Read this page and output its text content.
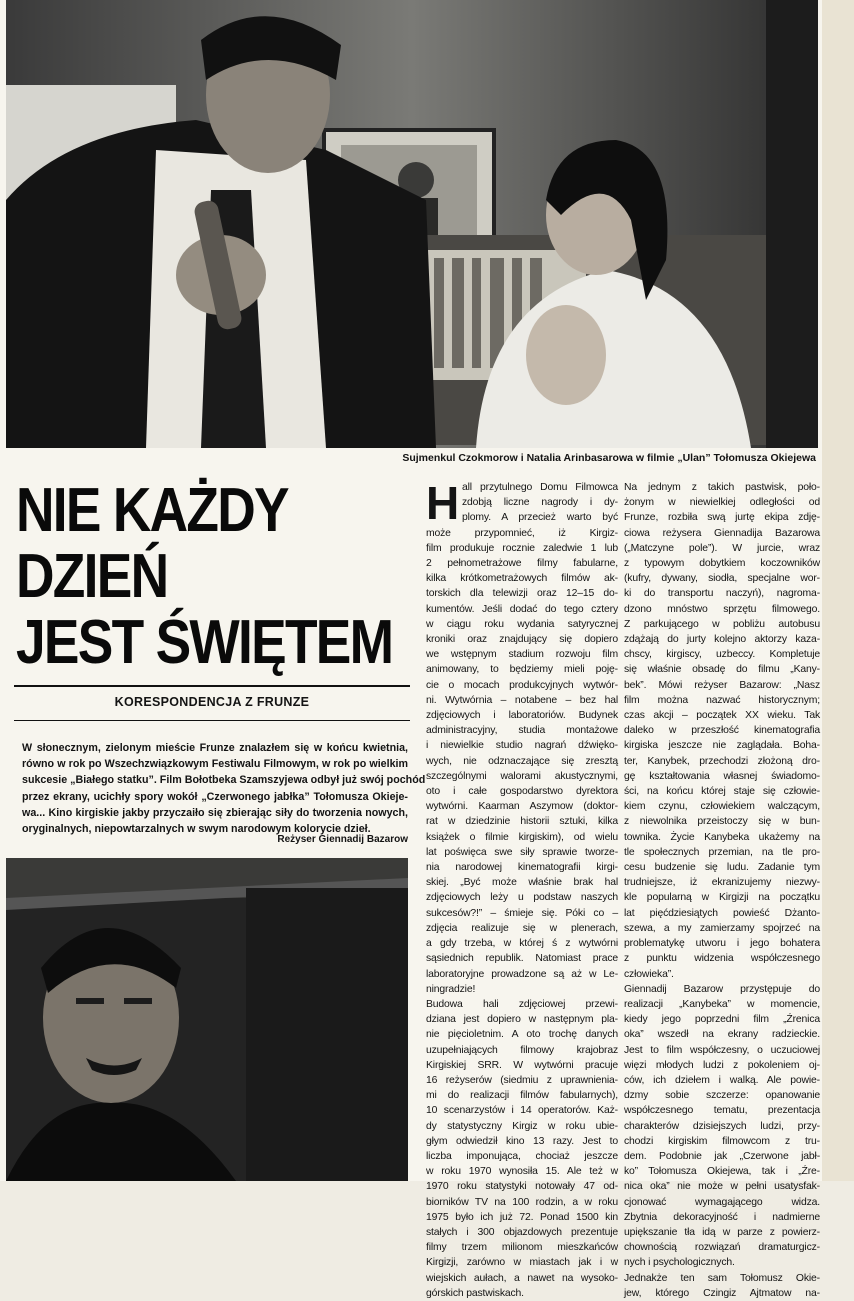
Sujmenkul Czokmorow i Natalia Arinbasarowa w filmie „Ulan” Tołomusza Okiejewa
NIE KAŻDY
DZIEŃ
JEST ŚWIĘTEM
KORESPONDENCJA Z FRUNZE
W słonecznym, zielonym mieście Frunze znalazłem się w końcu kwietnia,
równo w rok po Wszechzwiązkowym Festiwalu Filmowym, w rok po wielkim
sukcesie „Białego statku”. Film Bołotbeka Szamszyjewa odbył już swój pochód
przez ekrany, ucichły spory wokół „Czerwonego jabłka” Tołomusza Okieje-
wa... Kino kirgiskie jakby przyczaiło się zbierając siły do tworzenia nowych,
oryginalnych, niepowtarzalnych w swym narodowym kolorycie dzieł.
Reżyser Giennadij Bazarow
H all przytulnego Domu Filmowca
zdobją liczne nagrody i dy-
plomy. A przecież warto być
może przypomnieć, iż Kirgiz-
film produkuje rocznie zaledwie 1 lub
2 pełnometrażowe filmy fabularne,
kilka krótkometrażowych filmów ak-
torskich dla telewizji oraz 12–15 do-
kumentów. Jeśli dodać do tego cztery
w ciągu roku wydania satyrycznej
kroniki oraz znajdujący się dopiero
we wstępnym stadium rozwoju film
animowany, to będziemy mieli poję-
cie o mocach produkcyjnych wytwór-
ni. Wytwórnia – notabene – bez hal
zdjęciowych i laboratoriów. Budynek
administracyjny, studia montażowe
i niewielkie studio nagrań dźwięko-
wych, nie odznaczające się zresztą
szczególnymi walorami akustycznymi,
oto i całe gospodarstwo dyrektora
wytwórni. Kaarman Aszymow (doktor-
rat w dziedzinie historii sztuki, kilka
książek o filmie kirgiskim), od wielu
lat poświęca swe siły sprawie tworze-
nia narodowej kinematografii kirgi-
skiej. „Być może właśnie brak hal
zdjęciowych leży u podstaw naszych
sukcesów?!” – śmieje się. Póki co –
zdjęcia realizuje się w plenerach,
a gdy trzeba, w której ś z wytwórni
sąsiednich republik. Natomiast prace
laboratoryjne prowadzone są aż w Le-
ningradzie!
Budowa hali zdjęciowej przewi-
dziana jest dopiero w następnym pla-
nie pięcioletnim. A oto trochę danych
uzupełniających filmowy krajobraz
Kirgiskiej SRR. W wytwórni pracuje
16 reżyserów (siedmiu z uprawnienia-
mi do realizacji filmów fabularnych),
10 scenarzystów i 14 operatorów. Każ-
dy statystyczny Kirgiz w roku ubie-
głym odwiedził kino 13 razy. Jest to
liczba imponująca, chociaż jeszcze
w roku 1970 wynosiła 15. Ale też w
1970 roku statystyki notowały 47 od-
biorników TV na 100 rodzin, a w roku
1975 było ich już 72. Ponad 1500 kin
stałych i 300 objazdowych prezentuje
filmy trzem milionom mieszkańców
Kirgizji, zarówno w miastach jak i w
wiejskich aułach, a nawet na wysoko-
górskich pastwiskach.
Na jednym z takich pastwisk, poło-
żonym w niewielkiej odległości od
Frunze, rozbiła swą jurtę ekipa zdję-
ciowa reżysera Giennadija Bazarowa
(„Matczyne pole”). W jurcie, wraz
z typowym dobytkiem koczowników
(kufry, dywany, siodła, specjalne wor-
ki do transportu naczyń), nagroma-
dzono mnóstwo sprzętu filmowego.
Z parkującego w pobliżu autobusu
zdążają do jurty kolejno aktorzy kaza-
chscy, kirgiscy, uzbeccy. Kompletuje
się właśnie obsadę do filmu „Kany-
bek”. Mówi reżyser Bazarow: „Nasz
film można nazwać historycznym;
czas akcji – początek XX wieku. Tak
daleko w przeszłość kinematografia
kirgiska jeszcze nie zaglądała. Boha-
ter, Kanybek, przechodzi złożoną dro-
gę kształtowania własnej świadomo-
ści, na końcu której staje się człowie-
kiem czynu, człowiekiem walczącym,
z niewolnika przeistoczy się w bun-
townika. Życie Kanybeka ukażemy na
tle społecznych przemian, na tle pro-
cesu budzenie się ludu. Zadanie tym
trudniejsze, iż ekranizujemy niezwy-
kle popularną w Kirgizji na początku
lat pięćdziesiątych powieść Dżanto-
szewa, a my zamierzamy spojrzeć na
problematykę utworu i jego bohatera
z punktu widzenia współczesnego
człowieka”.
Giennadij Bazarow przystępuje do
realizacji „Kanybeka” w momencie,
kiedy jego poprzedni film „Źrenica
oka” wszedł na ekrany radzieckie.
Jest to film współczesny, o uczuciowej
więzi młodych ludzi z pokoleniem oj-
ców, ich dziełem i walką. Ale powie-
dzmy sobie szczerze: opanowanie
współczesnego tematu, prezentacja
charakterów dzisiejszych ludzi, przy-
chodzi kirgiskim filmowcom z tru-
dem. Podobnie jak „Czerwone jabł-
ko” Tołomusza Okiejewa, tak i „Źre-
nica oka” nie może w pełni usatysfak-
cjonować wymagającego widza.
Zbytnia dekoracyjność i nadmierne
upiększanie tła idą w parze z powierz-
chownością rozwiązań dramaturgicz-
nych i psychologicznych.
Jednakże ten sam Tołomusz Okie-
jew, którego Czingiz Ajtmatow na-
